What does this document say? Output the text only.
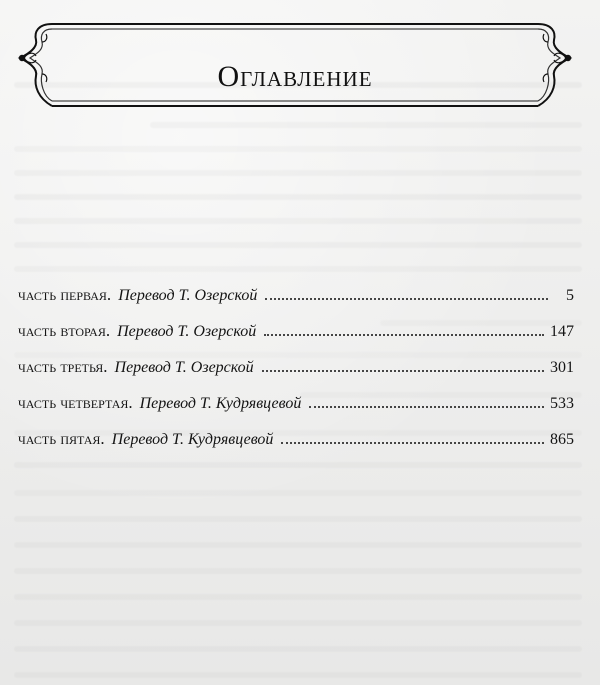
Оглавление
часть первая. Перевод Т. Озерской	5
часть вторая. Перевод Т. Озерской	147
часть третья. Перевод Т. Озерской	301
часть четвертая. Перевод Т. Кудрявцевой	533
часть пятая. Перевод Т. Кудрявцевой	865
